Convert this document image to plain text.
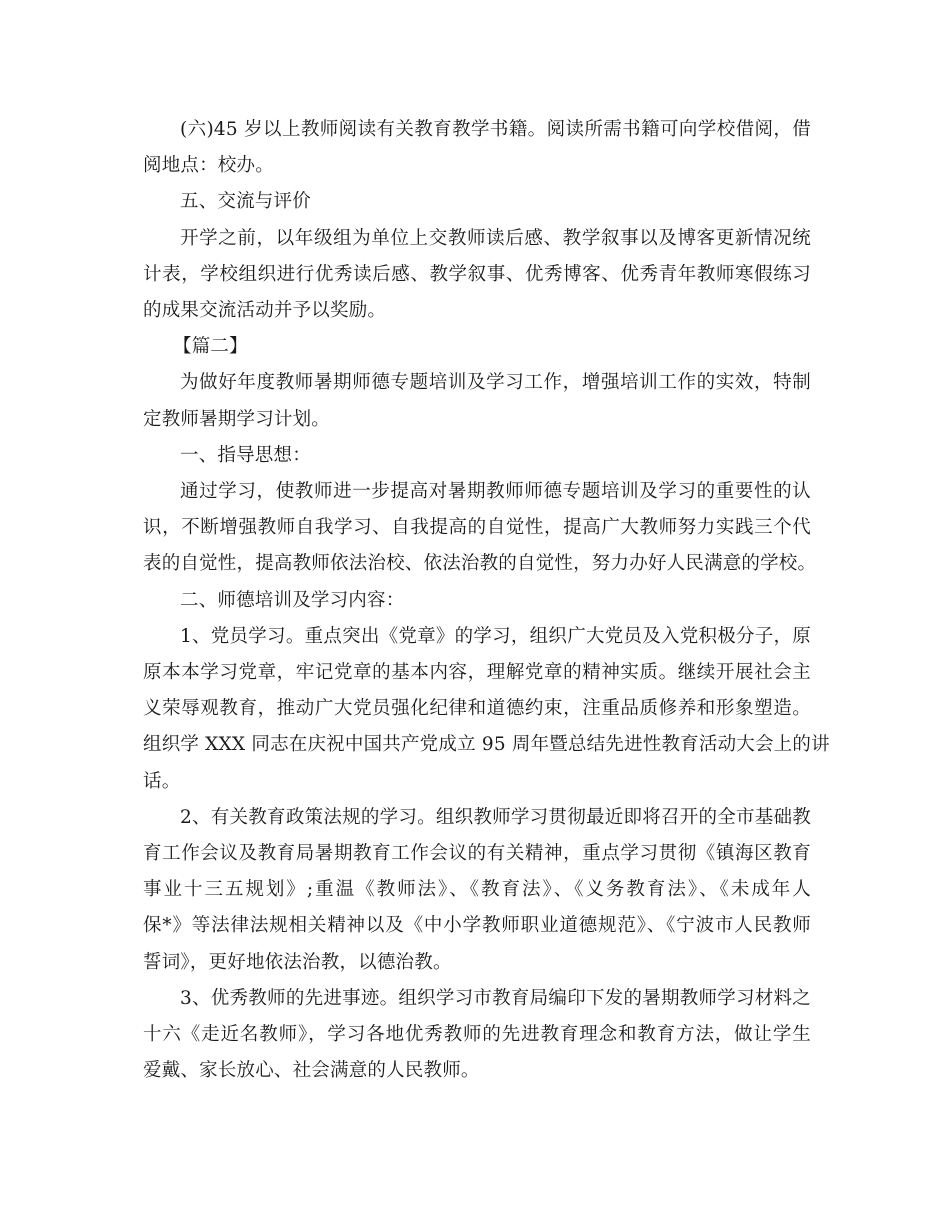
(六)45 岁以上教师阅读有关教育教学书籍。阅读所需书籍可向学校借阅，借
阅地点：校办。
五、交流与评价
开学之前，以年级组为单位上交教师读后感、教学叙事以及博客更新情况统
计表，学校组织进行优秀读后感、教学叙事、优秀博客、优秀青年教师寒假练习
的成果交流活动并予以奖励。
【篇二】
为做好年度教师暑期师德专题培训及学习工作，增强培训工作的实效，特制
定教师暑期学习计划。
一、指导思想：
通过学习，使教师进一步提高对暑期教师师德专题培训及学习的重要性的认
识，不断增强教师自我学习、自我提高的自觉性，提高广大教师努力实践三个代
表的自觉性，提高教师依法治校、依法治教的自觉性，努力办好人民满意的学校。
二、师德培训及学习内容：
1、党员学习。重点突出《党章》的学习，组织广大党员及入党积极分子，原
原本本学习党章，牢记党章的基本内容，理解党章的精神实质。继续开展社会主
义荣辱观教育，推动广大党员强化纪律和道德约束，注重品质修养和形象塑造。
组织学 XXX 同志在庆祝中国共产党成立 95 周年暨总结先进性教育活动大会上的讲
话。
2、有关教育政策法规的学习。组织教师学习贯彻最近即将召开的全市基础教
育工作会议及教育局暑期教育工作会议的有关精神，重点学习贯彻《镇海区教育
事业十三五规划》;重温《教师法》、《教育法》、《义务教育法》、《未成年人
保*》等法律法规相关精神以及《中小学教师职业道德规范》、《宁波市人民教师
誓词》，更好地依法治教，以德治教。
3、优秀教师的先进事迹。组织学习市教育局编印下发的暑期教师学习材料之
十六《走近名教师》，学习各地优秀教师的先进教育理念和教育方法，做让学生
爱戴、家长放心、社会满意的人民教师。
